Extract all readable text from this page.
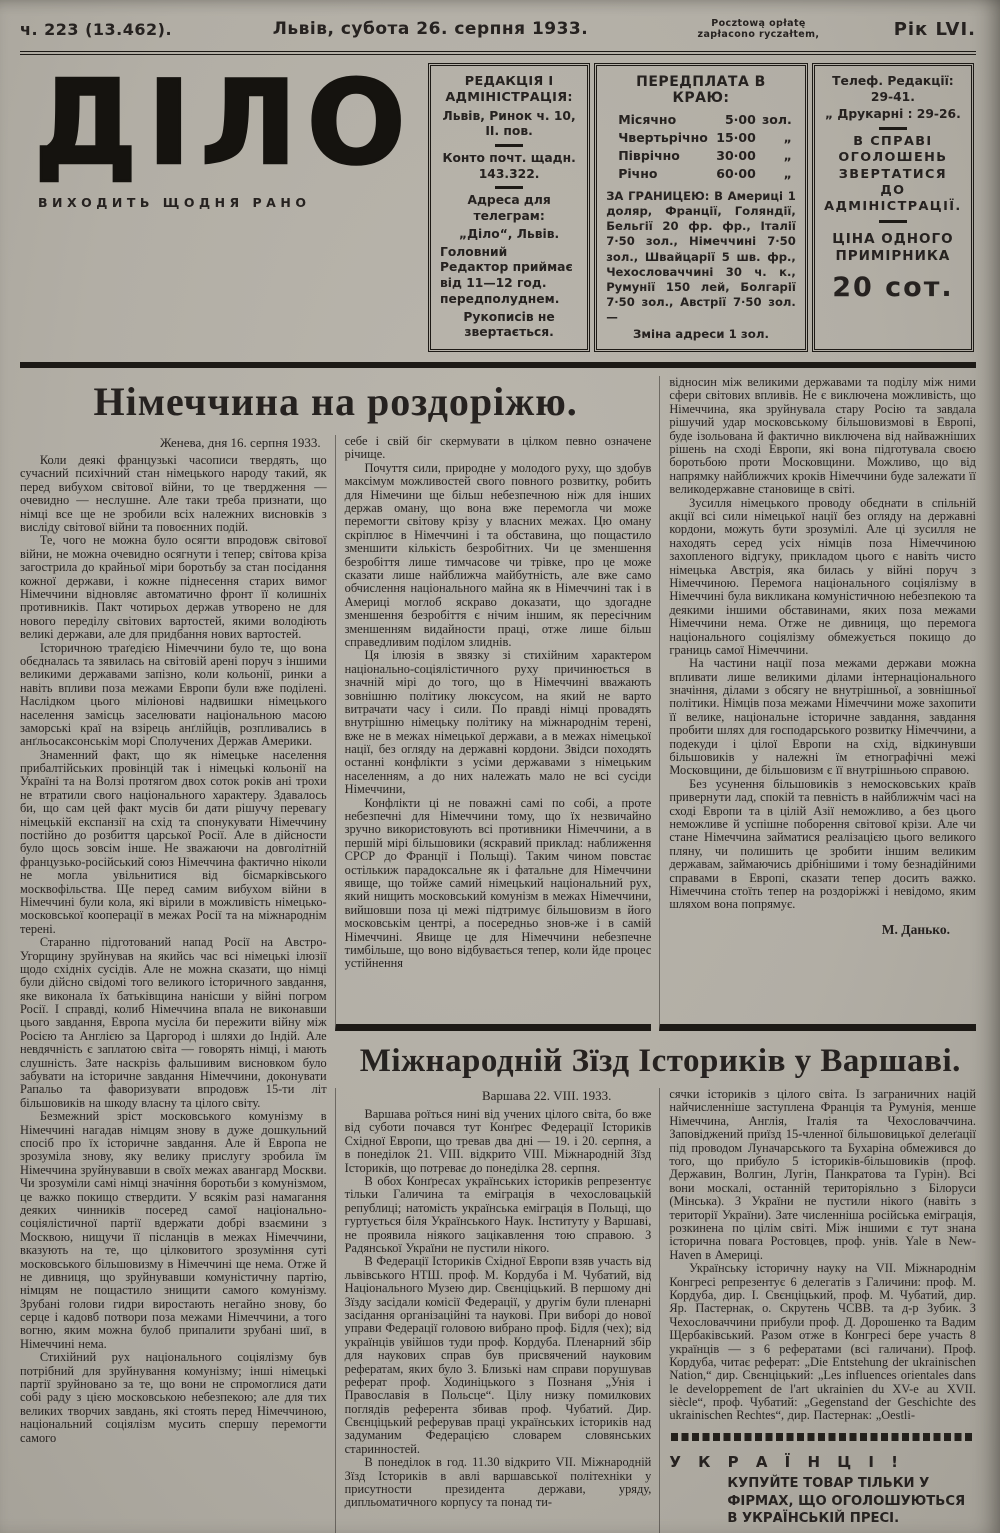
ч. 223 (13.462).	Львів, субота 26. серпня 1933.	Pocztową opłatę
zapłacono ryczałtem,	Рік LVI.
ДІЛО
ВИХОДИТЬ ЩОДНЯ РАНО

РЕДАКЦІЯ І АДМІНІСТРАЦІЯ:

Львів, Ринок ч. 10, ІІ. пов.

Конто почт. щадн. 143.322.

Адреса для телеграм:

„Діло“, Львів.

Головний Редактор приймає від 11—12 год. передполуднем.

Рукописів не звертається.

ПЕРЕДПЛАТА В КРАЮ:
Місячно	5·00 зол.
Чвертьрічно 15·00	„
Піврічно	30·00	„
Річно	60·00	„

ЗА ГРАНИЦЕЮ: В Америці 1 доляр, Франції, Голяндії, Бельгії 20 фр. фр., Італії 7·50 зол., Німеччині 7·50 зол., Швайцарії 5 шв. фр., Чехословаччині 30 ч. к., Румунії 150 лей, Болгарії 7·50 зол., Австрії 7·50 зол.—

Зміна адреси 1 зол.

Телеф. Редакції: 29-41.

„ Друкарні : 29-26.

В СПРАВІ ОГОЛОШЕНЬ ЗВЕРТАТИСЯ ДО АДМІНІСТРАЦІЇ.

ЦІНА ОДНОГО ПРИМІРНИКА

20 сот.

Німеччина на роздоріжю.

Женева, дня 16. серпня 1933.

Коли деякі французькі часописи твердять, що сучасний психічний стан німецького народу такий, як перед вибухом світової війни, то це твердження — очевидно — неслушне. Але таки треба признати, що німці все ще не зробили всіх належних висновків з висліду світової війни та повоєнних подій.

Те, чого не можна було осягти впродовж світової війни, не можна очевидно осягнути і тепер; світова кріза загострила до крайньої міри боротьбу за стан посідання кожної держави, і кожне піднесення старих вимог Німеччини відновляє автоматично фронт її колишніх противників. Пакт чотирьох держав утворено не для нового переділу світових вартостей, якими володіють великі держави, але для придбання нових вартостей.

Історичною траґедією Німеччини було те, що вона обєдналась та зявилась на світовій арені поруч з іншими великими державами запізно, коли кольонії, ринки а навіть впливи поза межами Европи були вже поділені. Наслідком цього міліонові надвишки німецького населення замісць заселювати національною масою заморські краї на взірець анґлійців, розпливались в анґльосаксонськім морі Сполучених Держав Америки.

Знаменний факт, що як німецьке населення прибалтійських провінцій так і німецькі кольонії на Україні та на Волзі протягом двох соток років ані трохи не втратили свого національного характеру. Здавалось би, що сам цей факт мусів би дати рішучу перевагу німецькій експанзії на схід та спонукувати Німеччину постійно до розбиття царської Росії. Але в дійсности було щось зовсім інше. Не зважаючи на довголітній французько-російський союз Німеччина фактично ніколи не могла увільнитися від бісмарківського москвофільства. Ще перед самим вибухом війни в Німеччині були кола, які вірили в можливість німецько-московської кооперації в межах Росії та на міжнароднім терені.

Старанно підготований напад Росії на Австро-Угорщину зруйнував на якийсь час всі німецькі ілюзії щодо східніх сусідів. Але не можна сказати, що німці були дійсно свідомі того великого історичного завдання, яке виконала їх батьківщина нанісши у війні погром Росії. І справді, колиб Німеччина впала не виконавши цього завдання, Европа мусіла би пережити війну між Росією та Англією за Царгород і шляхи до Індій. Але невдячність є заплатою світа — говорять німці, і мають слушність. Зате наскрізь фальшивим висновком було забувати на історичне завдання Німеччини, доконувати Рапальо та фаворизувати впродовж 15-ти літ більшовиків на шкоду власну та цілого світу.

Безмежний зріст московського комунізму в Німеччині нагадав німцям знову в дуже дошкульний спосіб про їх історичне завдання. Але й Европа не зрозуміла знову, яку велику прислугу зробила їм Німеччина зруйнувавши в своїх межах авангард Москви. Чи зрозуміли самі німці значіння боротьби з комунізмом, це важко покищо ствердити. У всякім разі намагання деяких чинників посеред самої національно-соціялістичної партії вдержати добрі взаємини з Москвою, нищучи її післанців в межах Німеччини, вказують на те, що цілковитого зрозуміння суті московського більшовизму в Німеччині ще нема. Отже й не дивниця, що зруйнувавши комуністичну партію, німцям не пощастило знищити самого комунізму. Зрубані голови гидри виростають негайно знову, бо серце і кадовб потвори поза межами Німеччини, а того вогню, яким можна булоб припалити зрубані шиї, в Німеччині нема.

Стихійний рух національного соціялізму був потрібний для зруйнування комунізму; інші німецькі партії зруйновано за те, що вони не спромоглися дати собі раду з цією московською небезпекою; але для тих великих творчих завдань, які стоять перед Німеччиною, національний соціялізм мусить спершу перемогти самого

себе і свій біг скермувати в цілком певно означене річище.

Почуття сили, природне у молодого руху, що здобув максімум можливостей свого повного розвитку, робить для Німечини ще більш небезпечною ніж для інших держав оману, що вона вже перемогла чи може перемогти світову крізу у власних межах. Цю оману скріплює в Німеччині і та обставина, що пощастило зменшити кількість безробітних. Чи це зменшення безробіття лише тимчасове чи трівке, про це може сказати лише найближча майбутність, але вже само обчислення національного майна як в Німеччині так і в Америці моглоб яскраво доказати, що здогадне зменшення безробіття є нічим іншим, як пересічним зменшенням видайности праці, отже лише більш справедливим поділом злиднів.

Ця ілюзія в звязку зі стихійним характером національно-соціялістичного руху причинюється в значній мірі до того, що в Німеччині вважають зовнішню політику люксусом, на який не варто витрачати часу і сили. По правді німці провадять внутрішню німецьку політику на міжнароднім терені, вже не в межах німецької держави, а в межах німецької нації, без огляду на державні кордони. Звідси походять останні конфлікти з усіми державами з німецьким населенням, а до них належать мало не всі сусіди Німеччини,

Конфлікти ці не поважні самі по собі, а проте небезпечні для Німеччини тому, що їх незвичайно зручно використовують всі противники Німеччини, а в першій мірі більшовики (яскравий приклад: наближення СРСР до Франції і Польщі). Таким чином повстає остількиж парадоксальне як і фатальне для Німеччини явище, що тойже самий німецький національний рух, який нищить московський комунізм в межах Німеччини, вийшовши поза ці межі підтримує більшовизм в його московськім центрі, а посередньо знов-же і в самій Німеччині. Явище це для Німеччини небезпечне тимбільше, що воно відбувається тепер, коли йде процес устійнення

відносин між великими державами та поділу між ними сфери світових впливів. Не є виключена можливість, що Німеччина, яка зруйнувала стару Росію та завдала рішучий удар московському більшовизмові в Европі, буде ізольована й фактично виключена від найважніших рішень на сході Европи, які вона підготувала своєю боротьбою проти Московщини. Можливо, що від напрямку найближчих кроків Німеччини буде залежати її великодержавне становище в світі.

Зусилля німецького проводу обєднати в спільній акції всі сили німецької нації без огляду на державні кордони, можуть бути зрозумілі. Але ці зусилля не находять серед усіх німців поза Німеччиною захопленого відгуку, прикладом цього є навіть чисто німецька Австрія, яка билась у війні поруч з Німеччиною. Перемога національного соціялізму в Німеччині була викликана комуністичною небезпекою та деякими іншими обставинами, яких поза межами Німеччини нема. Отже не дивниця, що перемога національного соціялізму обмежується покищо до границь самої Німеччини.

На частини нації поза межами держави можна впливати лише великими ділами інтернаціонального значіння, ділами з обсягу не внутрішньої, а зовнішньої політики. Німців поза межами Німеччини може захопити її велике, національне історичне завдання, завдання пробити шлях для господарського розвитку Німеччини, а подекуди і цілої Европи на схід, відкинувши більшовиків у належні їм етнографічні межі Московщини, де більшовизм є її внутрішньою справою.

Без усунення більшовиків з немосковських країв привернути лад, спокій та певність в найближчім часі на сході Европи та в цілій Азії неможливо, а без цього неможливе й успішне поборення світової крізи. Але чи стане Німеччина займатися реалізацією цього великого пляну, чи полишить це зробити іншим великим державам, займаючись дрібнішими і тому безнадійними справами в Европі, сказати тепер досить важко. Німеччина стоїть тепер на роздоріжжі і невідомо, яким шляхом вона попрямує.

М. Данько.

Міжнародній Зїзд Істориків у Варшаві.

Варшава 22. VIII. 1933.

Варшава роїться нині від учених цілого світа, бо вже від суботи почався тут Конґрес Федерації Істориків Східної Европи, що тревав два дні — 19. і 20. серпня, а в понеділок 21. VIII. відкрито VIII. Міжнародній Зїзд Істориків, що потреває до понеділка 28. серпня.

В обох Конґресах українських істориків репрезентує тільки Галичина та еміграція в чехословацькій републиці; натомість українська еміграція в Польщі, що гуртується біля Українського Наук. Інституту у Варшаві, не проявила ніякого зацікавлення тою справою. З Радянської України не пустили нікого.

В Федерації Істориків Східної Европи взяв участь від львівського НТШ. проф. М. Кордуба і М. Чубатий, від Національного Музею дир. Свєнціцький. В першому дні Зїзду засідали комісії Федерації, у другім були пленарні засідання організаційні та наукові. При виборі до нової управи Федерації головою вибрано проф. Бідля (чех); від українців увійшов туди проф. Кордуба. Пленарний збір для наукових справ був присвячений науковим рефератам, яких було 3. Близькі нам справи порушував реферат проф. Ходиніцького з Познаня „Унія і Православія в Польсце“. Цілу низку помилкових поглядів референта збивав проф. Чубатий. Дир. Свєнціцький реферував праці українських істориків над задуманим Федерацією словарем словянських старинностей.

В понеділок в год. 11.30 відкрито VII. Міжнародній Зїзд Істориків в авлі варшавської політехніки у присутности президента держави, уряду, дипльоматичного корпусу та понад ти-

сячки істориків з цілого світа. Із заграничних націй найчисленніше заступлена Франція та Румунія, менше Німеччина, Англія, Італія та Чехословаччина. Заповіджений приїзд 15-членної більшовицької делеґації під проводом Луначарського та Бухаріна обмежився до того, що прибуло 5 істориків-більшовиків (проф. Державин, Волгин, Лугін, Панкратова та Гурін). Всі вони москалі, останній територіяльно з Білоруси (Мінська). З України не пустили нікого (навіть з території України). Зате численніша російська еміграція, розкинена по цілім світі. Між іншими є тут знана історична повага Ростовцев, проф. унів. Yale в New-Haven в Америці.

Українську історичну науку на VII. Міжнароднім Конгресі репрезентує 6 делегатів з Галичини: проф. М. Кордуба, дир. І. Свєнціцький, проф. М. Чубатий, дир. Яр. Пастернак, о. Скрутень ЧСВВ. та д-р Зубик. З Чехословаччини прибули проф. Д. Дорошенко та Вадим Щербаківський. Разом отже в Конгресі бере участь 8 українців — з 6 рефератами (всі галичани). Проф. Кордуба, читає реферат: „Die Entstehung der ukrainischen Nation,“ дир. Свєнціцький: „Les influences orientales dans le developpement de l'art ukrainien du XV-e au XVII. siècle“, проф. Чубатий: „Gegenstand der Geschichte des ukrainischen Rechtes“, дир. Пастернак: „Oestli-

У К Р А Ї Н Ц І !

КУПУЙТЕ ТОВАР ТІЛЬКИ У ФІРМАХ, ЩО ОГОЛОШУЮТЬСЯ В УКРАЇНСЬКІЙ ПРЕСІ.
